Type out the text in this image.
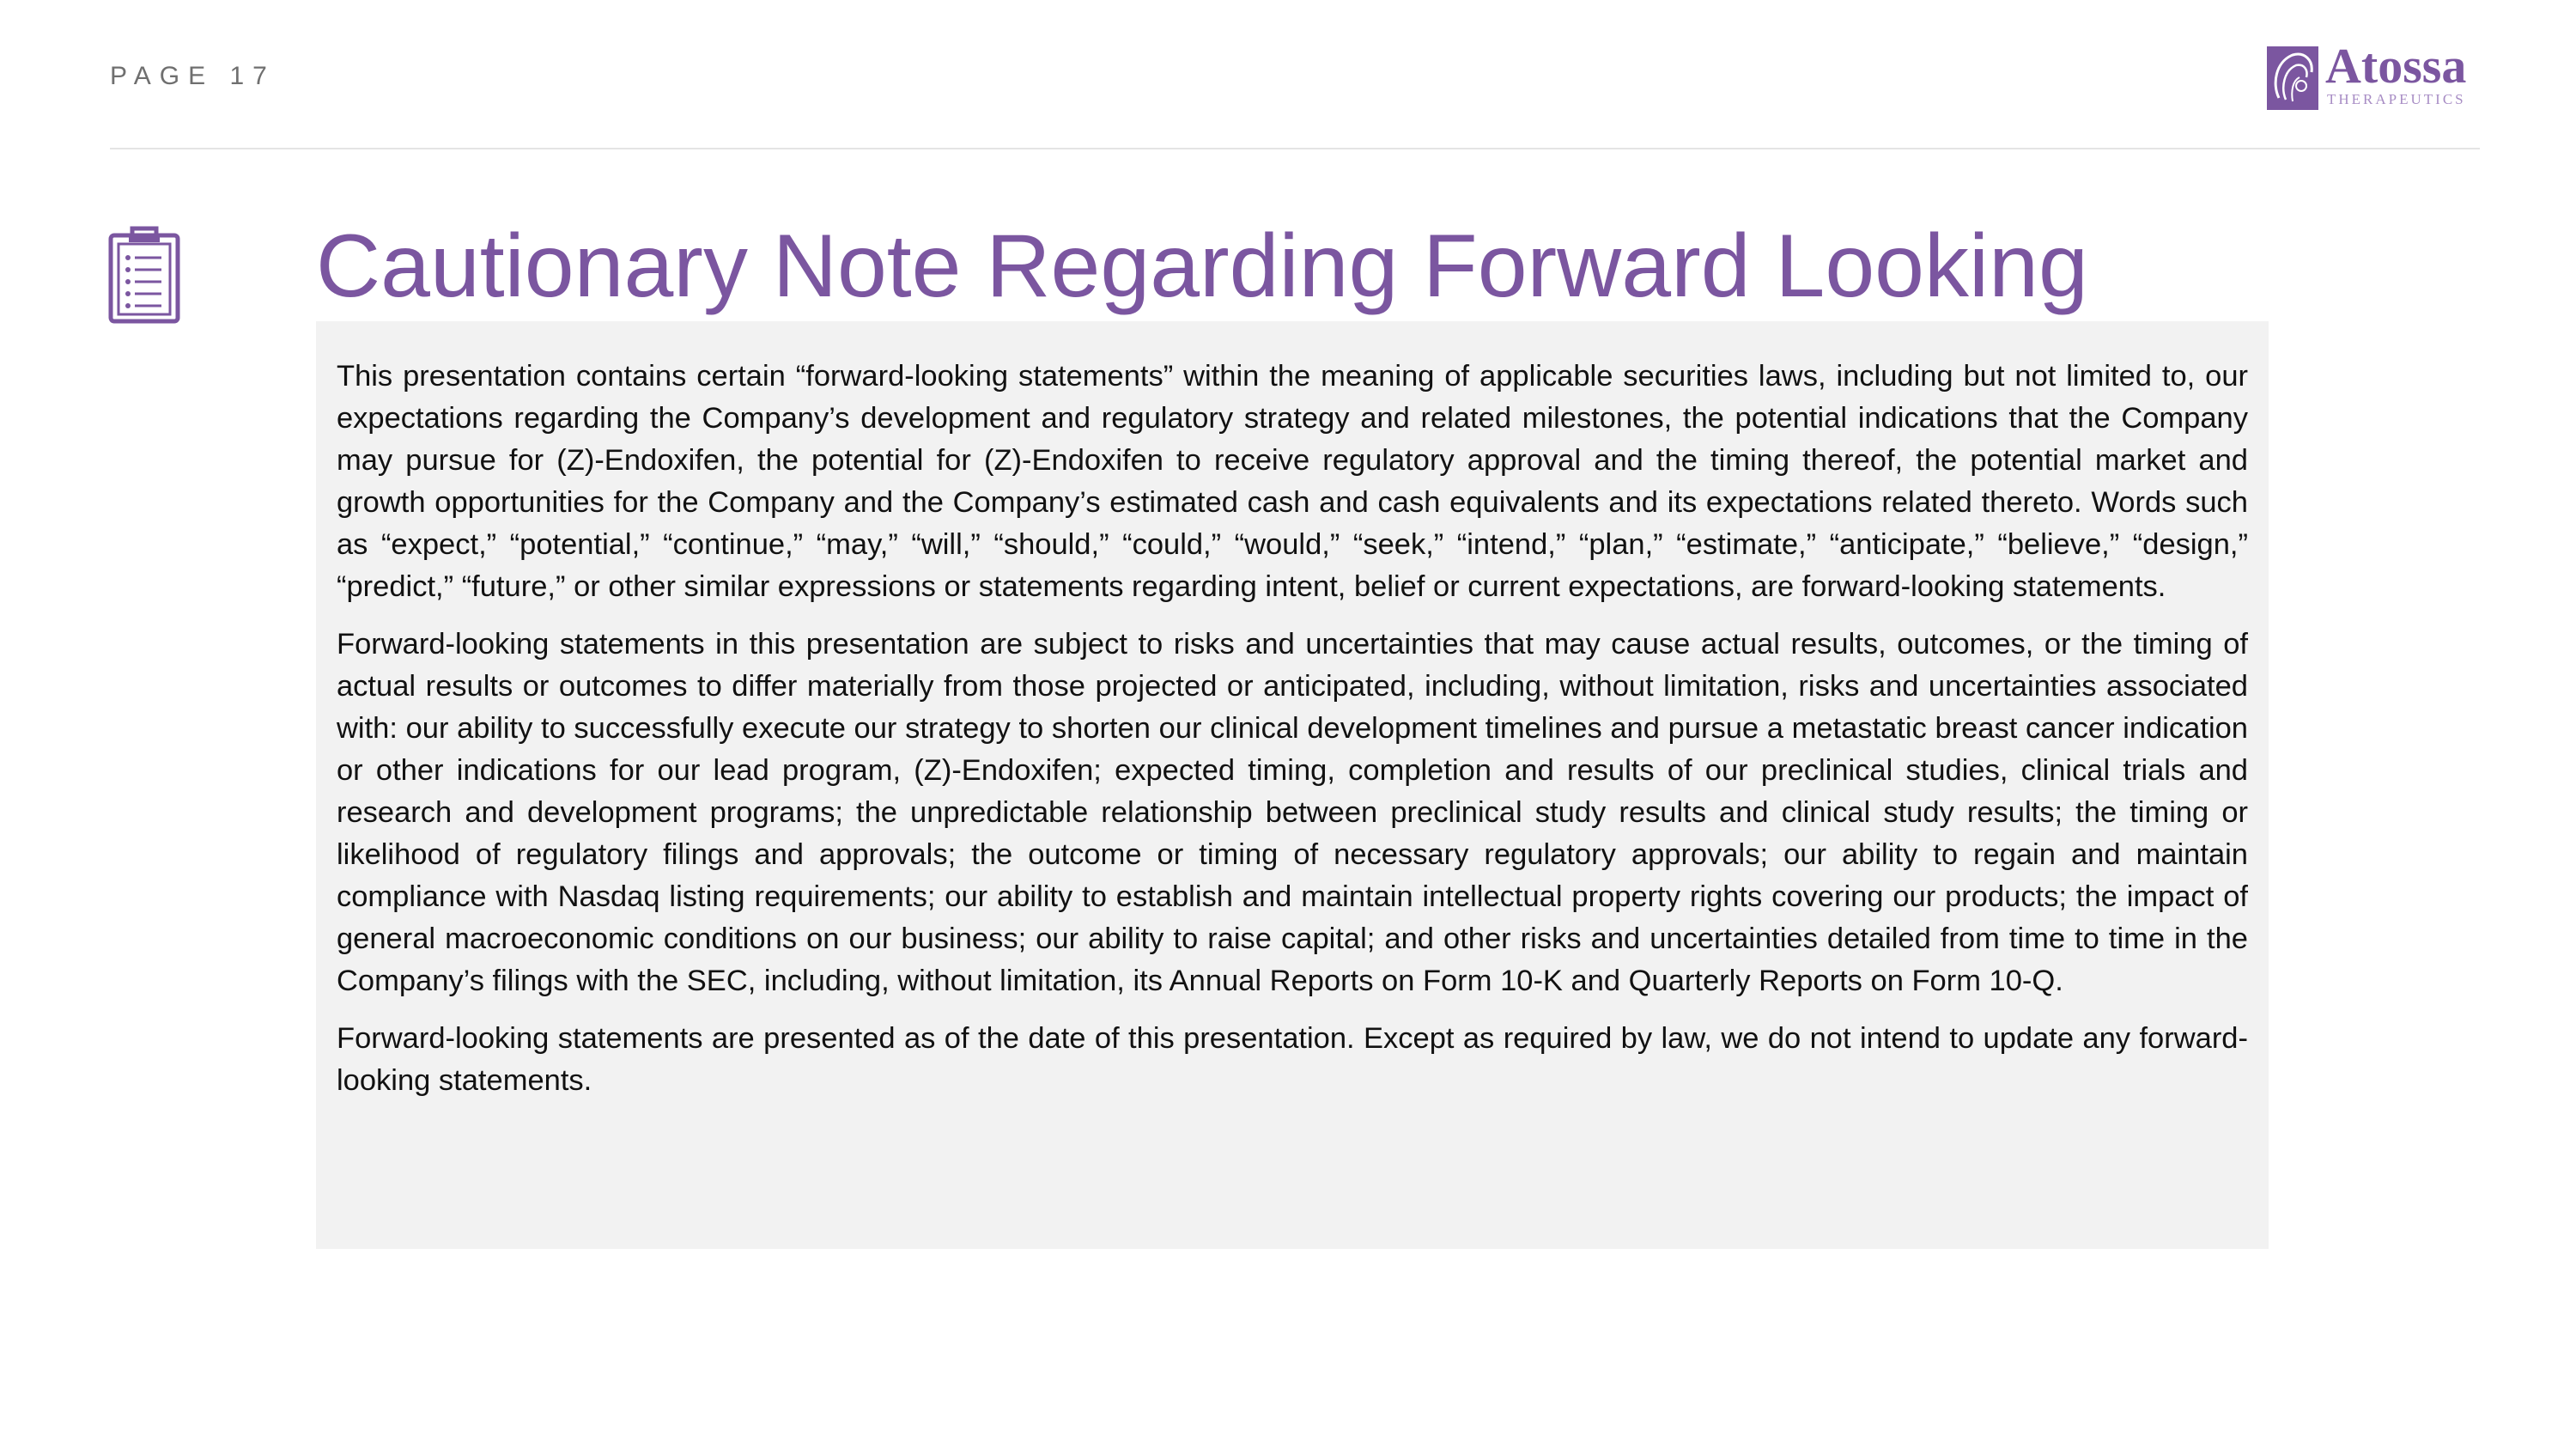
PAGE 17	Atossa
THERAPEUTICS
Cautionary Note Regarding Forward Looking

This presentation contains certain “forward-looking statements” within the meaning of applicable securities laws, including but not limited to, our expectations regarding the Company’s development and regulatory strategy and related milestones, the potential indications that the Company may pursue for (Z)-Endoxifen, the potential for (Z)-Endoxifen to receive regulatory approval and the timing thereof, the potential market and growth opportunities for the Company and the Company’s estimated cash and cash equivalents and its expectations related thereto. Words such as “expect,” “potential,” “continue,” “may,” “will,” “should,” “could,” “would,” “seek,” “intend,” “plan,” “estimate,” “anticipate,” “believe,” “design,” “predict,” “future,” or other similar expressions or statements regarding intent, belief or current expectations, are forward-looking statements.

Forward-looking statements in this presentation are subject to risks and uncertainties that may cause actual results, outcomes, or the timing of actual results or outcomes to differ materially from those projected or anticipated, including, without limitation, risks and uncertainties associated with: our ability to successfully execute our strategy to shorten our clinical development timelines and pursue a metastatic breast cancer indication or other indications for our lead program, (Z)-Endoxifen; expected timing, completion and results of our preclinical studies, clinical trials and research and development programs; the unpredictable relationship between preclinical study results and clinical study results; the timing or likelihood of regulatory filings and approvals; the outcome or timing of necessary regulatory approvals; our ability to regain and maintain compliance with Nasdaq listing requirements; our ability to establish and maintain intellectual property rights covering our products; the impact of general macroeconomic conditions on our business; our ability to raise capital; and other risks and uncertainties detailed from time to time in the Company’s filings with the SEC, including, without limitation, its Annual Reports on Form 10-K and Quarterly Reports on Form 10-Q.

Forward-looking statements are presented as of the date of this presentation. Except as required by law, we do not intend to update any forward-looking statements.
